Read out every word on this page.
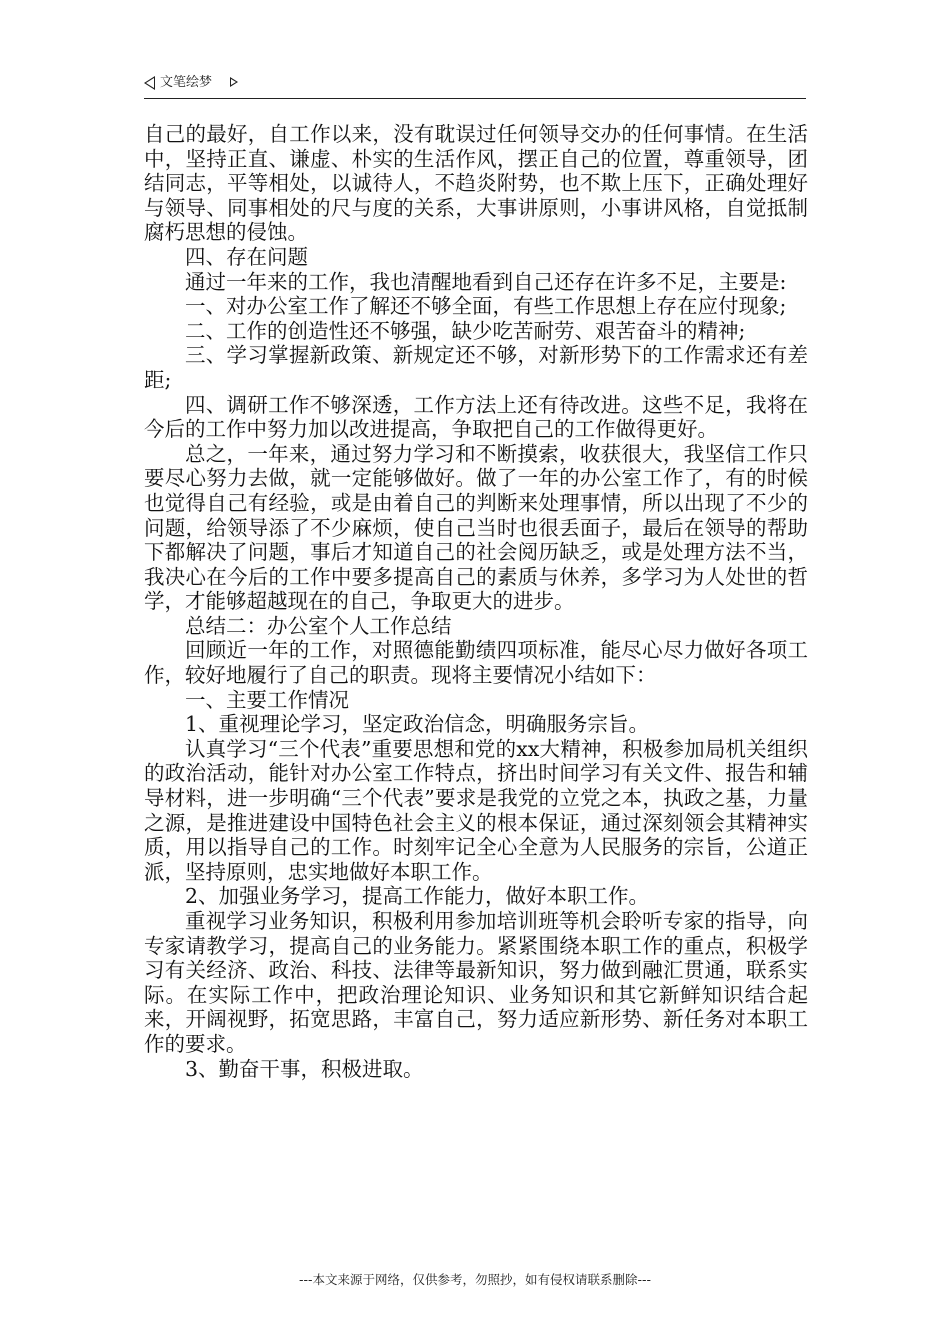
文笔绘梦

自己的最好，自工作以来，没有耽误过任何领导交办的任何事情。在生活中，坚持正直、谦虚、朴实的生活作风，摆正自己的位置，尊重领导，团结同志，平等相处，以诚待人，不趋炎附势，也不欺上压下，正确处理好与领导、同事相处的尺与度的关系，大事讲原则，小事讲风格，自觉抵制腐朽思想的侵蚀。

四、存在问题

通过一年来的工作，我也清醒地看到自己还存在许多不足，主要是:

一、对办公室工作了解还不够全面，有些工作思想上存在应付现象;

二、工作的创造性还不够强，缺少吃苦耐劳、艰苦奋斗的精神;

三、学习掌握新政策、新规定还不够，对新形势下的工作需求还有差距;

四、调研工作不够深透，工作方法上还有待改进。这些不足，我将在今后的工作中努力加以改进提高，争取把自己的工作做得更好。

总之，一年来，通过努力学习和不断摸索，收获很大，我坚信工作只要尽心努力去做，就一定能够做好。做了一年的办公室工作了，有的时候也觉得自己有经验，或是由着自己的判断来处理事情，所以出现了不少的问题，给领导添了不少麻烦，使自己当时也很丢面子，最后在领导的帮助下都解决了问题，事后才知道自己的社会阅历缺乏，或是处理方法不当，我决心在今后的工作中要多提高自己的素质与休养，多学习为人处世的哲学，才能够超越现在的自己，争取更大的进步。

总结二：办公室个人工作总结

回顾近一年的工作，对照德能勤绩四项标准，能尽心尽力做好各项工作，较好地履行了自己的职责。现将主要情况小结如下：

一、主要工作情况

1、重视理论学习，坚定政治信念，明确服务宗旨。

认真学习“三个代表”重要思想和党的xx大精神，积极参加局机关组织的政治活动，能针对办公室工作特点，挤出时间学习有关文件、报告和辅导材料，进一步明确“三个代表”要求是我党的立党之本，执政之基，力量之源，是推进建设中国特色社会主义的根本保证，通过深刻领会其精神实质，用以指导自己的工作。时刻牢记全心全意为人民服务的宗旨，公道正派，坚持原则，忠实地做好本职工作。

2、加强业务学习，提高工作能力，做好本职工作。

重视学习业务知识，积极利用参加培训班等机会聆听专家的指导，向专家请教学习，提高自己的业务能力。紧紧围绕本职工作的重点，积极学习有关经济、政治、科技、法律等最新知识，努力做到融汇贯通，联系实际。在实际工作中，把政治理论知识、业务知识和其它新鲜知识结合起来，开阔视野，拓宽思路，丰富自己，努力适应新形势、新任务对本职工作的要求。

3、勤奋干事，积极进取。

---本文来源于网络，仅供参考，勿照抄，如有侵权请联系删除---
